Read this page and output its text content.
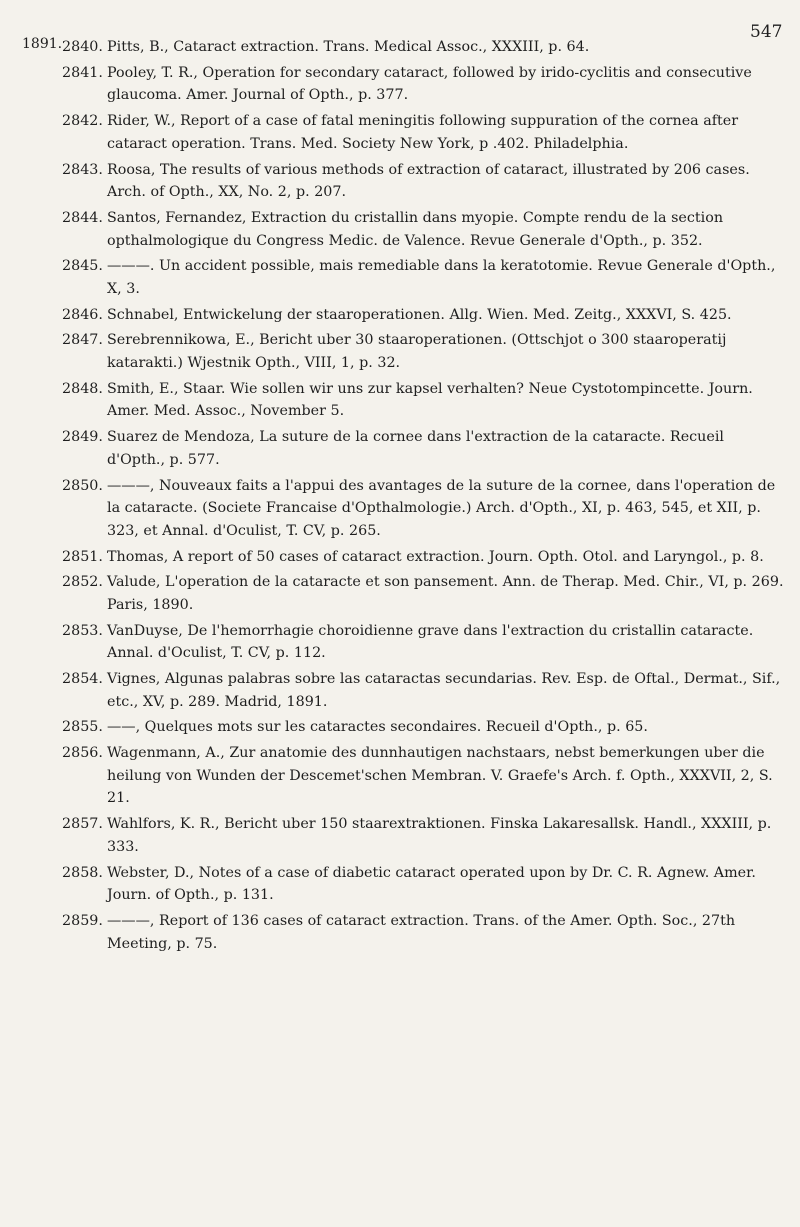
547
1891. 2840. Pitts, B., Cataract extraction. Trans. Medical Assoc., XXXIII, p. 64.
2841. Pooley, T. R., Operation for secondary cataract, followed by irido-cyclitis and consecutive glaucoma. Amer. Journal of Opth., p. 377.
2842. Rider, W., Report of a case of fatal meningitis following suppuration of the cornea after cataract operation. Trans. Med. Society New York, p .402. Philadelphia.
2843. Roosa, The results of various methods of extraction of cataract, illustrated by 206 cases. Arch. of Opth., XX, No. 2, p. 207.
2844. Santos, Fernandez, Extraction du cristallin dans myopie. Compte rendu de la section opthalmologique du Congress Medic. de Valence. Revue Generale d'Opth., p. 352.
2845. ———. Un accident possible, mais remediable dans la keratotomie. Revue Generale d'Opth., X, 3.
2846. Schnabel, Entwickelung der staaroperationen. Allg. Wien. Med. Zeitg., XXXVI, S. 425.
2847. Serebrennikowa, E., Bericht uber 30 staaroperationen. (Ottschjot o 300 staaroperatij katarakti.) Wjestnik Opth., VIII, 1, p. 32.
2848. Smith, E., Staar. Wie sollen wir uns zur kapsel verhalten? Neue Cystotompincette. Journ. Amer. Med. Assoc., November 5.
2849. Suarez de Mendoza, La suture de la cornee dans l'extraction de la cataracte. Recueil d'Opth., p. 577.
2850. ———, Nouveaux faits a l'appui des avantages de la suture de la cornee, dans l'operation de la cataracte. (Societe Francaise d'Opthalmologie.) Arch. d'Opth., XI, p. 463, 545, et XII, p. 323, et Annal. d'Oculist, T. CV, p. 265.
2851. Thomas, A report of 50 cases of cataract extraction. Journ. Opth. Otol. and Laryngol., p. 8.
2852. Valude, L'operation de la cataracte et son pansement. Ann. de Therap. Med. Chir., VI, p. 269. Paris, 1890.
2853. VanDuyse, De l'hemorrhagie choroidienne grave dans l'extraction du cristallin cataracte. Annal. d'Oculist, T. CV, p. 112.
2854. Vignes, Algunas palabras sobre las cataractas secundarias. Rev. Esp. de Oftal., Dermat., Sif., etc., XV, p. 289. Madrid, 1891.
2855. ——, Quelques mots sur les cataractes secondaires. Recueil d'Opth., p. 65.
2856. Wagenmann, A., Zur anatomie des dunnhautigen nachstaars, nebst bemerkungen uber die heilung von Wunden der Descemet'schen Membran. V. Graefe's Arch. f. Opth., XXXVII, 2, S. 21.
2857. Wahlfors, K. R., Bericht uber 150 staarextraktionen. Finska Lakaresallsk. Handl., XXXIII, p. 333.
2858. Webster, D., Notes of a case of diabetic cataract operated upon by Dr. C. R. Agnew. Amer. Journ. of Opth., p. 131.
2859. ———, Report of 136 cases of cataract extraction. Trans. of the Amer. Opth. Soc., 27th Meeting, p. 75.
